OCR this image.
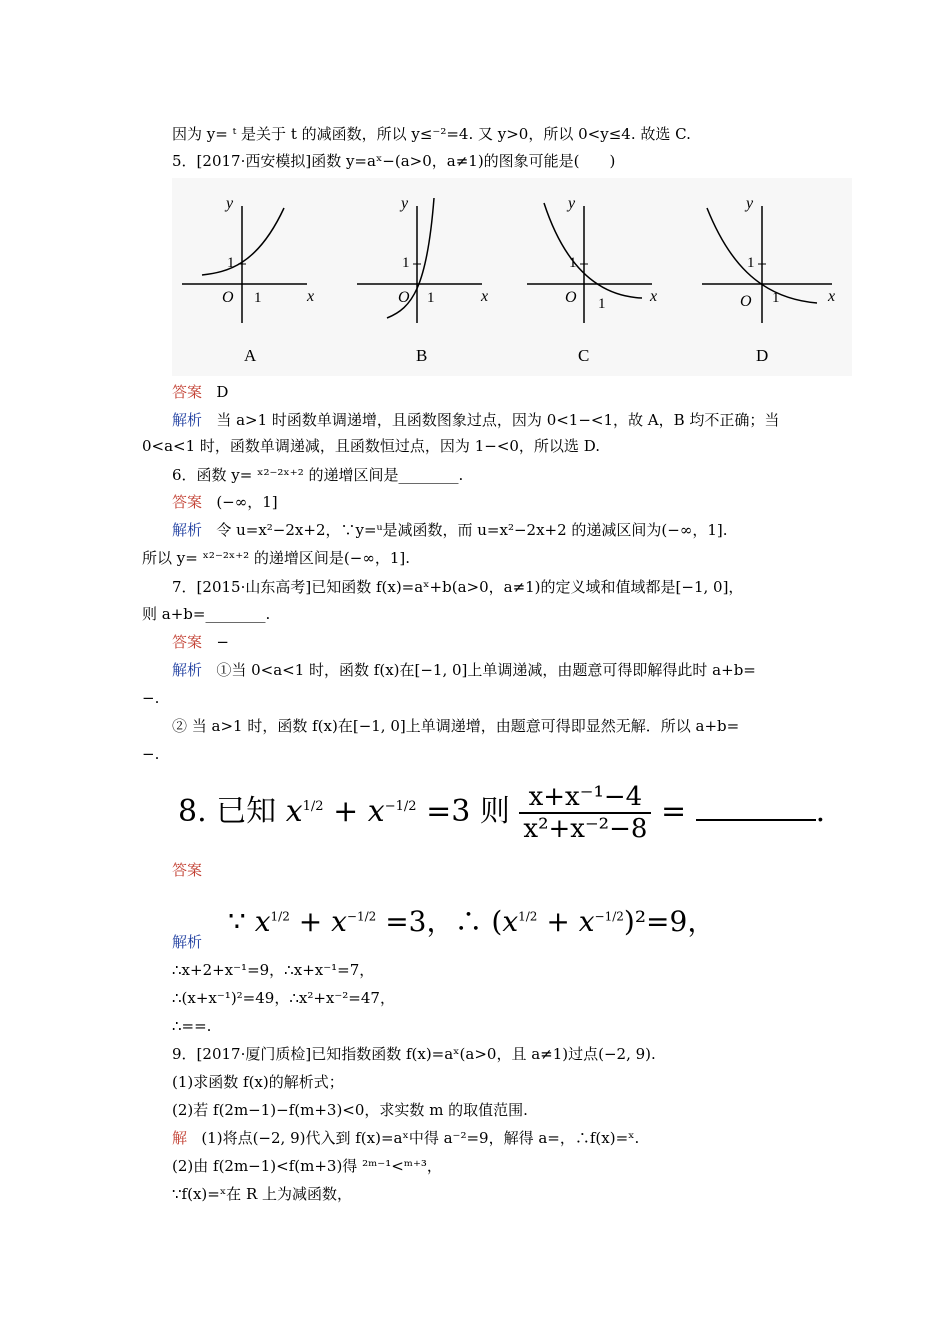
因为 y= ᵗ 是关于 t 的减函数，所以 y≤⁻²=4. 又 y>0，所以 0<y≤4. 故选 C.
5．[2017·西安模拟]函数 y=aˣ−(a>0，a≠1)的图象可能是(　　)
y
x
1
1
O
A
y
x
1
1
O
B
y
x
1
1
O
C
y
x
1
1
O
D
答案 D
解析 当 a>1 时函数单调递增，且函数图象过点，因为 0<1−<1，故 A，B 均不正确；当
0<a<1 时，函数单调递减，且函数恒过点，因为 1−<0，所以选 D.
6．函数 y= ˣ²⁻²ˣ⁺² 的递增区间是________.
答案 (−∞，1]
解析 令 u=x²−2x+2，∵y=ᵘ是减函数，而 u=x²−2x+2 的递减区间为(−∞，1].
所以 y= ˣ²⁻²ˣ⁺² 的递增区间是(−∞，1].
7．[2015·山东高考]已知函数 f(x)=aˣ+b(a>0，a≠1)的定义域和值域都是[−1, 0]，
则 a+b=________.
答案 −
解析 ①当 0<a<1 时，函数 f(x)在[−1, 0]上单调递减，由题意可得即解得此时 a+b=
−.
② 当 a>1 时，函数 f(x)在[−1, 0]上单调递增，由题意可得即显然无解．所以 a+b=
−.
8. 已知 $x^{1/2} + x^{-1/2} =3$ 则 $\frac{\text{x+x⁻¹−4}}{\text{x²+x⁻²−8}}$ =	.
答案
解析
∵ $x^{1/2} + x^{-1/2} =3$，∴ $(x^{1/2} + x^{-1/2})^2=9$，
∴x+2+x⁻¹=9，∴x+x⁻¹=7，
∴(x+x⁻¹)²=49，∴x²+x⁻²=47，
∴==.
9．[2017·厦门质检]已知指数函数 f(x)=aˣ(a>0，且 a≠1)过点(−2, 9).
(1)求函数 f(x)的解析式；
(2)若 f(2m−1)−f(m+3)<0，求实数 m 的取值范围.
解 (1)将点(−2, 9)代入到 f(x)=aˣ中得 a⁻²=9，解得 a=，∴f(x)=ˣ.
(2)由 f(2m−1)<f(m+3)得 ²ᵐ⁻¹<ᵐ⁺³，
∵f(x)=ˣ在 R 上为减函数，
